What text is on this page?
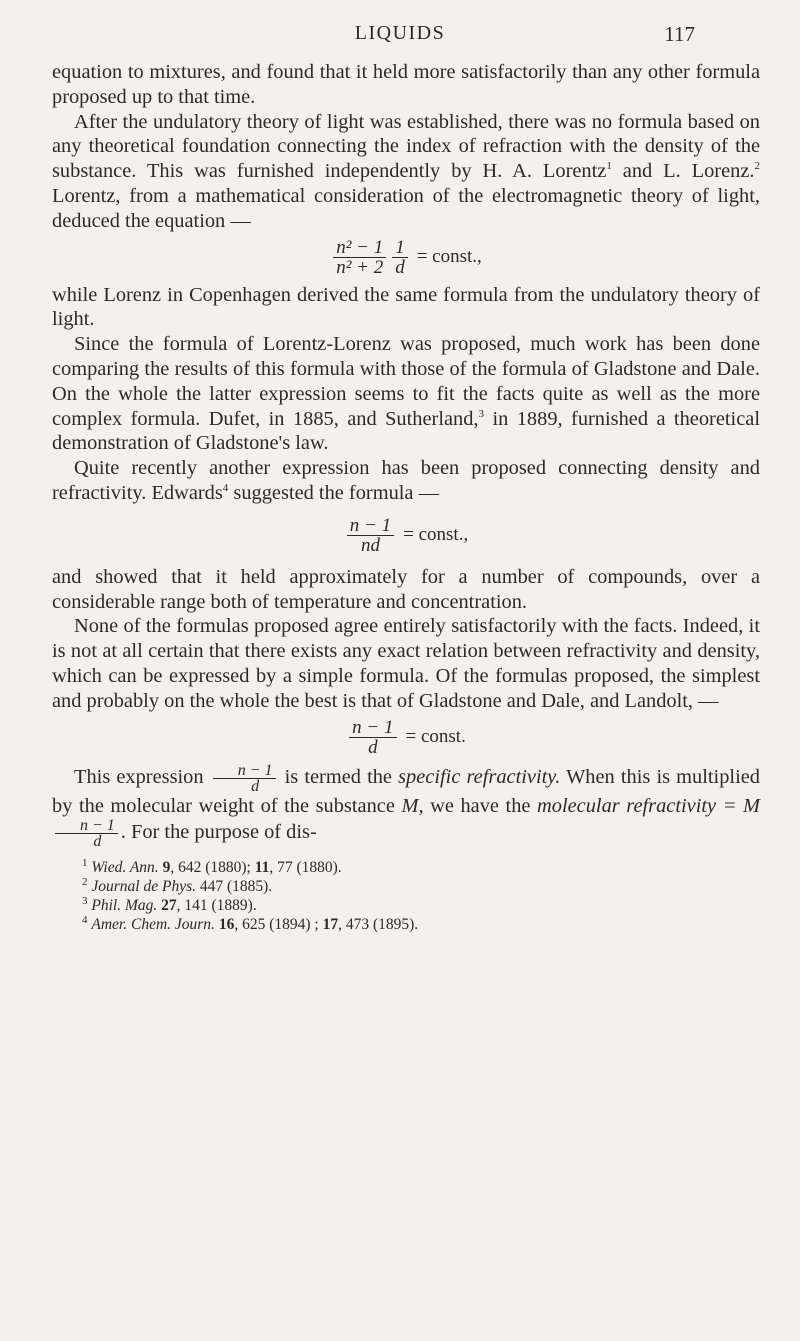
LIQUIDS	117

equation to mixtures, and found that it held more satisfactorily than any other formula proposed up to that time.

After the undulatory theory of light was established, there was no formula based on any theoretical foundation connecting the index of refraction with the density of the substance. This was furnished independently by H. A. Lorentz$^1$ and L. Lorenz.$^2$ Lorentz, from a mathematical consideration of the electromagnetic theory of light, deduced the equation —

$\frac{\text{n² − 1}}{\text{n² + 2}} \frac{1}{d}$ = const.,

while Lorenz in Copenhagen derived the same formula from the undulatory theory of light.

Since the formula of Lorentz-Lorenz was proposed, much work has been done comparing the results of this formula with those of the formula of Gladstone and Dale. On the whole the latter expression seems to fit the facts quite as well as the more complex formula. Dufet, in 1885, and Sutherland,$^3$ in 1889, furnished a theoretical demonstration of Gladstone's law.

Quite recently another expression has been proposed connecting density and refractivity. Edwards$^4$ suggested the formula —

$\frac{n - 1}{nd}$ = const.,

and showed that it held approximately for a number of compounds, over a considerable range both of temperature and concentration.

None of the formulas proposed agree entirely satisfactorily with the facts. Indeed, it is not at all certain that there exists any exact relation between refractivity and density, which can be expressed by a simple formula. Of the formulas proposed, the simplest and probably on the whole the best is that of Gladstone and Dale, and Landolt, —

$\frac{n - 1}{d}$ = const.

This expression $\frac{n - 1}{d}$ is termed the specific refractivity. When this is multiplied by the molecular weight of the substance M, we have the molecular refractivity = M
$\frac{n - 1}{d}$ . For the purpose of dis-

$^1$ Wied. Ann. 9, 642 (1880); 11, 77 (1880).

$^2$ Journal de Phys. 447 (1885).

$^3$ Phil. Mag. 27, 141 (1889).

$^4$ Amer. Chem. Journ. 16, 625 (1894) ; 17, 473 (1895).
